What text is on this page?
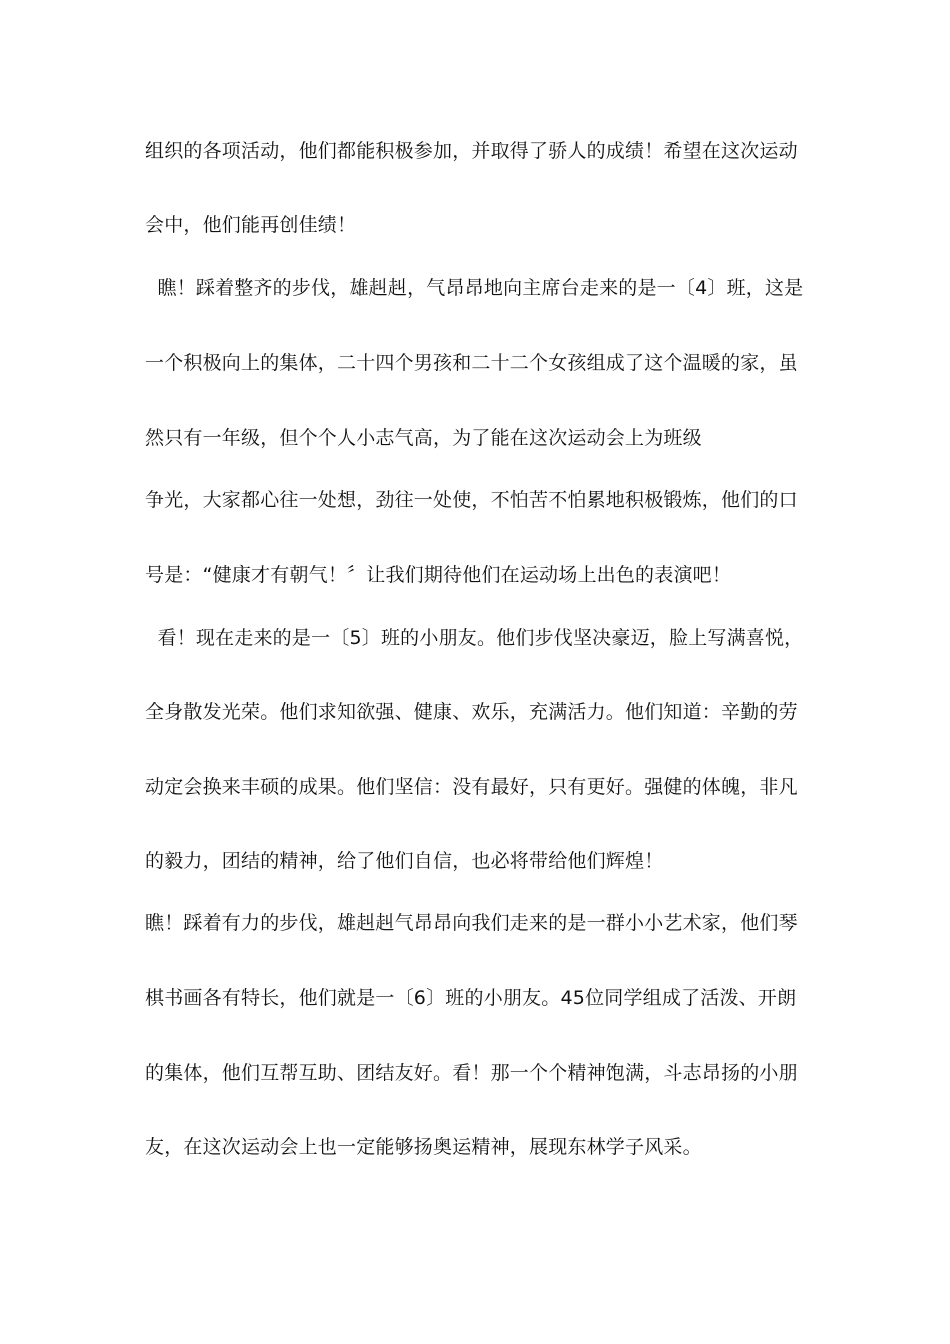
组织的各项活动，他们都能积极参加，并取得了骄人的成绩！希望在这次运动
会中，他们能再创佳绩！
瞧！踩着整齐的步伐，雄赳赳，气昂昂地向主席台走来的是一〔4〕班，这是
一个积极向上的集体，二十四个男孩和二十二个女孩组成了这个温暖的家，虽
然只有一年级，但个个人小志气高，为了能在这次运动会上为班级
争光，大家都心往一处想，劲往一处使，不怕苦不怕累地积极锻炼，他们的口
号是：“健康才有朝气！〞让我们期待他们在运动场上出色的表演吧！
看！现在走来的是一〔5〕班的小朋友。他们步伐坚决豪迈，脸上写满喜悦，
全身散发光荣。他们求知欲强、健康、欢乐，充满活力。他们知道：辛勤的劳
动定会换来丰硕的成果。他们坚信：没有最好，只有更好。强健的体魄，非凡
的毅力，团结的精神，给了他们自信，也必将带给他们辉煌！
瞧！踩着有力的步伐，雄赳赳气昂昂向我们走来的是一群小小艺术家，他们琴
棋书画各有特长，他们就是一〔6〕班的小朋友。45位同学组成了活泼、开朗
的集体，他们互帮互助、团结友好。看！那一个个精神饱满，斗志昂扬的小朋
友，在这次运动会上也一定能够扬奥运精神，展现东林学子风采。
